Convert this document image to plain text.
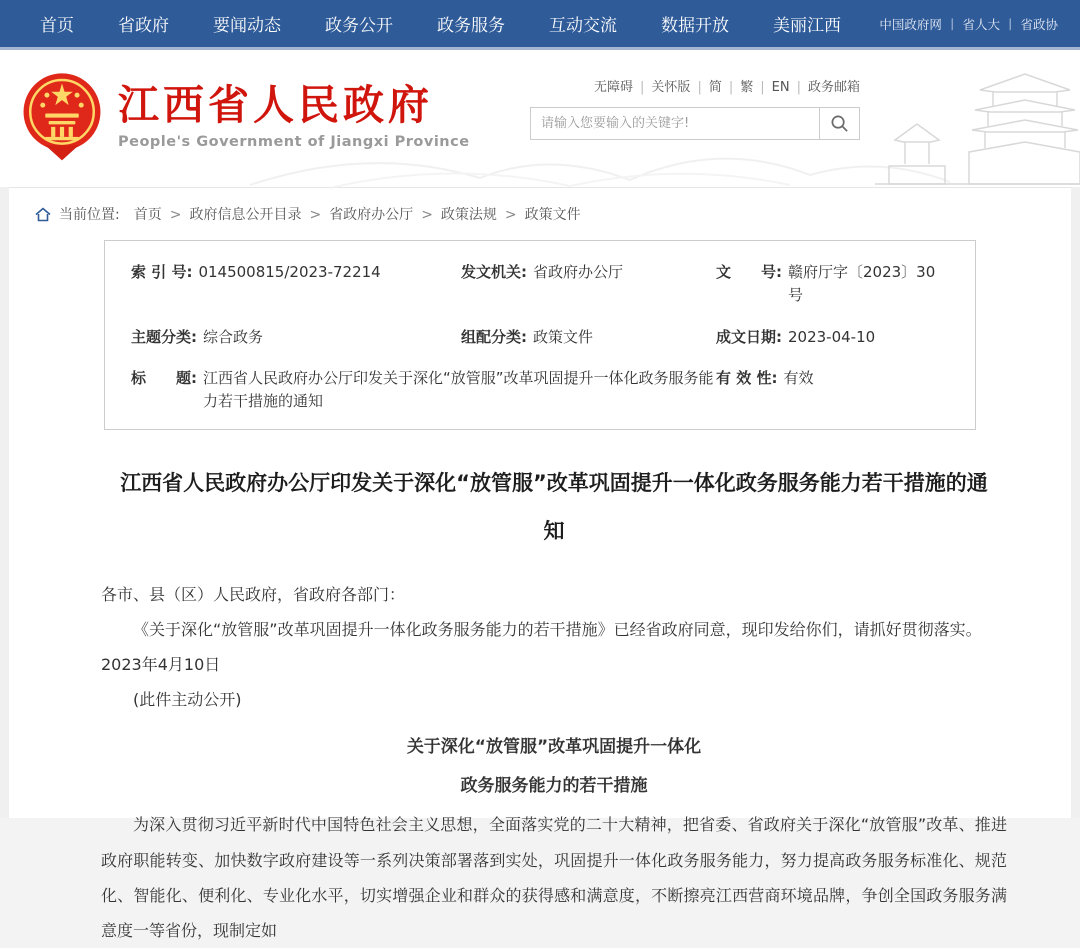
首页	省政府	要闻动态	政务公开	政务服务	互动交流	数据开放	美丽江西	中国政府网	丨 省人大	丨 省政协
江西省人民政府
People's Government of Jiangxi Province
无障碍 | 关怀版 | 简 | 繁 | EN | 政务邮箱
请输入您要输入的关键字!
当前位置: 首页	> 政府信息公开目录	> 省政府办公厅	> 政策法规	> 政策文件
索 引 号: 014500815/2023-72214	发文机关: 省政府办公厅	文　　号: 赣府厅字〔2023〕30号
主题分类: 综合政务	组配分类: 政策文件	成文日期: 2023-04-10
标　　题: 江西省人民政府办公厅印发关于深化“放管服”改革巩固提升一体化政务服务能力若干措施的通知
有 效 性: 有效
江西省人民政府办公厅印发关于深化“放管服”改革巩固提升一体化政务服务能力若干措施的通知

各市、县（区）人民政府，省政府各部门：

《关于深化“放管服”改革巩固提升一体化政务服务能力的若干措施》已经省政府同意，现印发给你们，请抓好贯彻落实。

2023年4月10日

(此件主动公开)

关于深化“放管服”改革巩固提升一体化
政务服务能力的若干措施

为深入贯彻习近平新时代中国特色社会主义思想，全面落实党的二十大精神，把省委、省政府关于深化“放管服”改革、推进政府职能转变、加快数字政府建设等一系列决策部署落到实处，巩固提升一体化政务服务能力，努力提高政务服务标准化、规范化、智能化、便利化、专业化水平，切实增强企业和群众的获得感和满意度，不断擦亮江西营商环境品牌，争创全国政务服务满意度一等省份，现制定如
